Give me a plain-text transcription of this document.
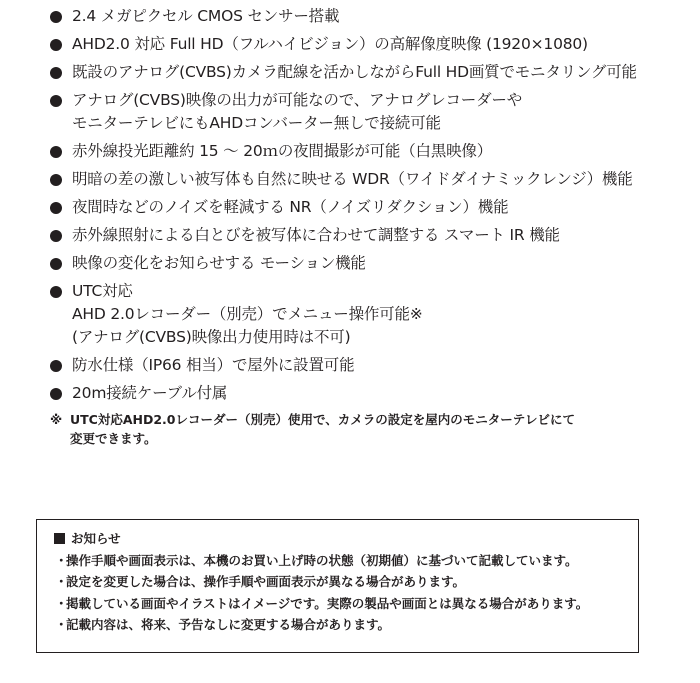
2.4 メガピクセル CMOS センサー搭載
AHD2.0 対応 Full HD（フルハイビジョン）の高解像度映像 (1920×1080)
既設のアナログ(CVBS)カメラ配線を活かしながらFull HD画質でモニタリング可能
アナログ(CVBS)映像の出力が可能なので、アナログレコーダーや
モニターテレビにもAHDコンバーター無しで接続可能
赤外線投光距離約 15 ～ 20ｍの夜間撮影が可能（白黒映像）
明暗の差の激しい被写体も自然に映せる WDR（ワイドダイナミックレンジ）機能
夜間時などのノイズを軽減する NR（ノイズリダクション）機能
赤外線照射による白とびを被写体に合わせて調整する スマート IR 機能
映像の変化をお知らせする モーション機能
UTC対応
AHD 2.0レコーダー（別売）でメニュー操作可能※
(アナログ(CVBS)映像出力使用時は不可)
防水仕様（IP66 相当）で屋外に設置可能
20m接続ケーブル付属
※ UTC対応AHD2.0レコーダー（別売）使用で、カメラの設定を屋内のモニターテレビにて
変更できます。
お知らせ
・
操作手順や画面表示は、本機のお買い上げ時の状態（初期値）に基づいて記載しています。
・
設定を変更した場合は、操作手順や画面表示が異なる場合があります。
・
掲載している画面やイラストはイメージです。実際の製品や画面とは異なる場合があります。
・
記載内容は、将来、予告なしに変更する場合があります。
